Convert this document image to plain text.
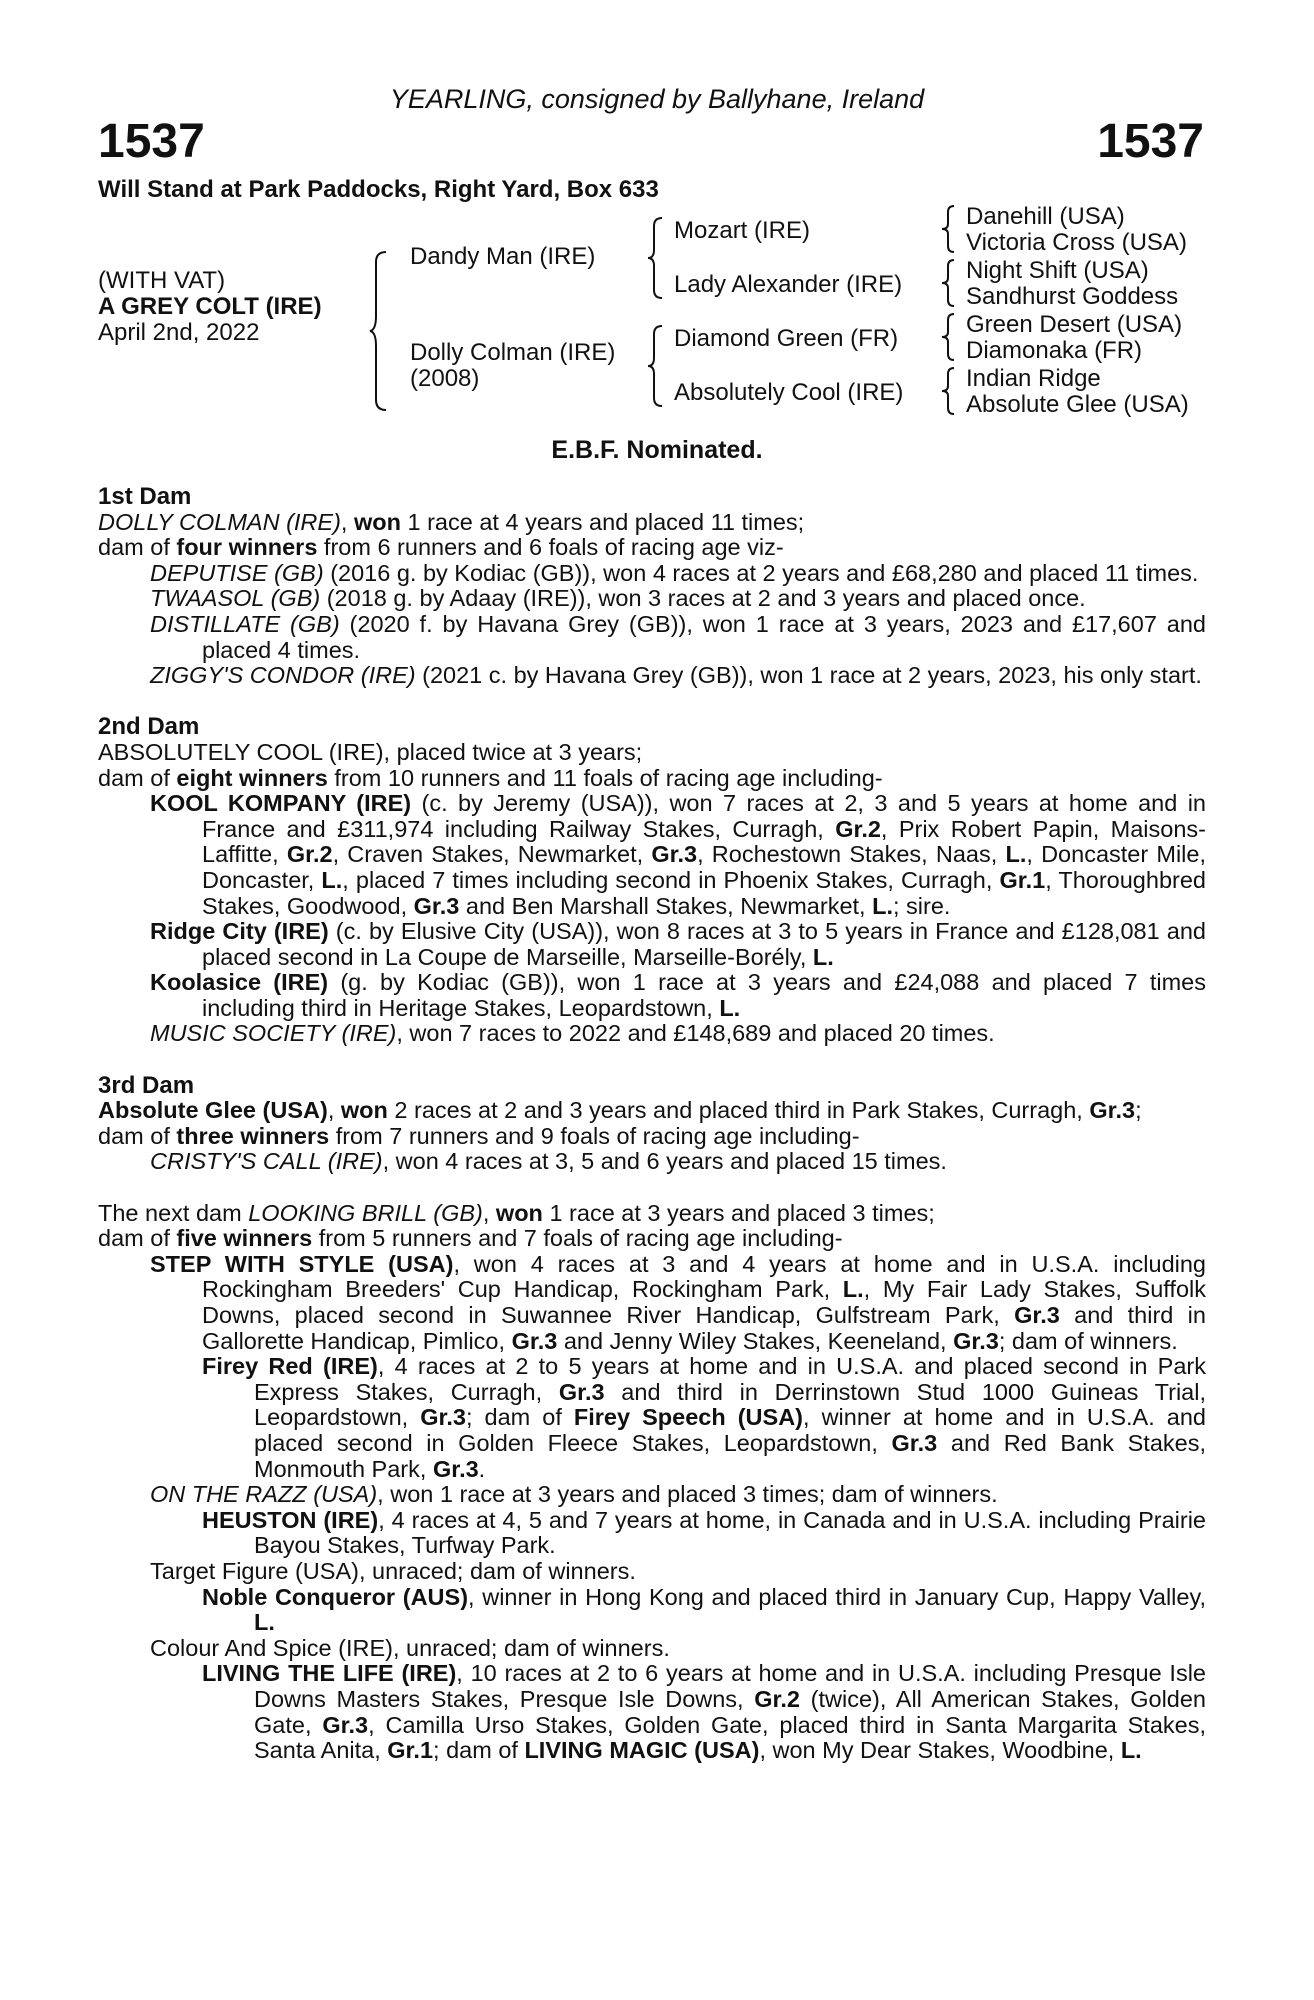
YEARLING, consigned by Ballyhane, Ireland
1537	1537
Will Stand at Park Paddocks, Right Yard, Box 633
(WITH VAT)
A GREY COLT (IRE)
April 2nd, 2022
Dandy Man (IRE)
Dolly Colman (IRE)
(2008)
Mozart (IRE)
Lady Alexander (IRE)
Diamond Green (FR)
Absolutely Cool (IRE)
Danehill (USA)
Victoria Cross (USA)
Night Shift (USA)
Sandhurst Goddess
Green Desert (USA)
Diamonaka (FR)
Indian Ridge
Absolute Glee (USA)
E.B.F. Nominated.
1st Dam
DOLLY COLMAN (IRE), won 1 race at 4 years and placed 11 times;
dam of four winners from 6 runners and 6 foals of racing age viz-
DEPUTISE (GB) (2016 g. by Kodiac (GB)), won 4 races at 2 years and £68,280 and placed 11 times.
TWAASOL (GB) (2018 g. by Adaay (IRE)), won 3 races at 2 and 3 years and placed once.
DISTILLATE (GB) (2020 f. by Havana Grey (GB)), won 1 race at 3 years, 2023 and £17,607 and placed 4 times.
ZIGGY'S CONDOR (IRE) (2021 c. by Havana Grey (GB)), won 1 race at 2 years, 2023, his only start.
2nd Dam
ABSOLUTELY COOL (IRE), placed twice at 3 years;
dam of eight winners from 10 runners and 11 foals of racing age including-
KOOL KOMPANY (IRE) (c. by Jeremy (USA)), won 7 races at 2, 3 and 5 years at home and in France and £311,974 including Railway Stakes, Curragh, Gr.2, Prix Robert Papin, Maisons-Laffitte, Gr.2, Craven Stakes, Newmarket, Gr.3, Rochestown Stakes, Naas, L., Doncaster Mile, Doncaster, L., placed 7 times including second in Phoenix Stakes, Curragh, Gr.1, Thoroughbred Stakes, Goodwood, Gr.3 and Ben Marshall Stakes, Newmarket, L.; sire.
Ridge City (IRE) (c. by Elusive City (USA)), won 8 races at 3 to 5 years in France and £128,081 and placed second in La Coupe de Marseille, Marseille-Borély, L.
Koolasice (IRE) (g. by Kodiac (GB)), won 1 race at 3 years and £24,088 and placed 7 times including third in Heritage Stakes, Leopardstown, L.
MUSIC SOCIETY (IRE), won 7 races to 2022 and £148,689 and placed 20 times.
3rd Dam
Absolute Glee (USA), won 2 races at 2 and 3 years and placed third in Park Stakes, Curragh, Gr.3;
dam of three winners from 7 runners and 9 foals of racing age including-
CRISTY'S CALL (IRE), won 4 races at 3, 5 and 6 years and placed 15 times.
The next dam LOOKING BRILL (GB), won 1 race at 3 years and placed 3 times;
dam of five winners from 5 runners and 7 foals of racing age including-
STEP WITH STYLE (USA), won 4 races at 3 and 4 years at home and in U.S.A. including Rockingham Breeders' Cup Handicap, Rockingham Park, L., My Fair Lady Stakes, Suffolk Downs, placed second in Suwannee River Handicap, Gulfstream Park, Gr.3 and third in Gallorette Handicap, Pimlico, Gr.3 and Jenny Wiley Stakes, Keeneland, Gr.3; dam of winners.
Firey Red (IRE), 4 races at 2 to 5 years at home and in U.S.A. and placed second in Park Express Stakes, Curragh, Gr.3 and third in Derrinstown Stud 1000 Guineas Trial, Leopardstown, Gr.3; dam of Firey Speech (USA), winner at home and in U.S.A. and placed second in Golden Fleece Stakes, Leopardstown, Gr.3 and Red Bank Stakes, Monmouth Park, Gr.3.
ON THE RAZZ (USA), won 1 race at 3 years and placed 3 times; dam of winners.
HEUSTON (IRE), 4 races at 4, 5 and 7 years at home, in Canada and in U.S.A. including Prairie Bayou Stakes, Turfway Park.
Target Figure (USA), unraced; dam of winners.
Noble Conqueror (AUS), winner in Hong Kong and placed third in January Cup, Happy Valley, L.
Colour And Spice (IRE), unraced; dam of winners.
LIVING THE LIFE (IRE), 10 races at 2 to 6 years at home and in U.S.A. including Presque Isle Downs Masters Stakes, Presque Isle Downs, Gr.2 (twice), All American Stakes, Golden Gate, Gr.3, Camilla Urso Stakes, Golden Gate, placed third in Santa Margarita Stakes, Santa Anita, Gr.1; dam of LIVING MAGIC (USA), won My Dear Stakes, Woodbine, L.
